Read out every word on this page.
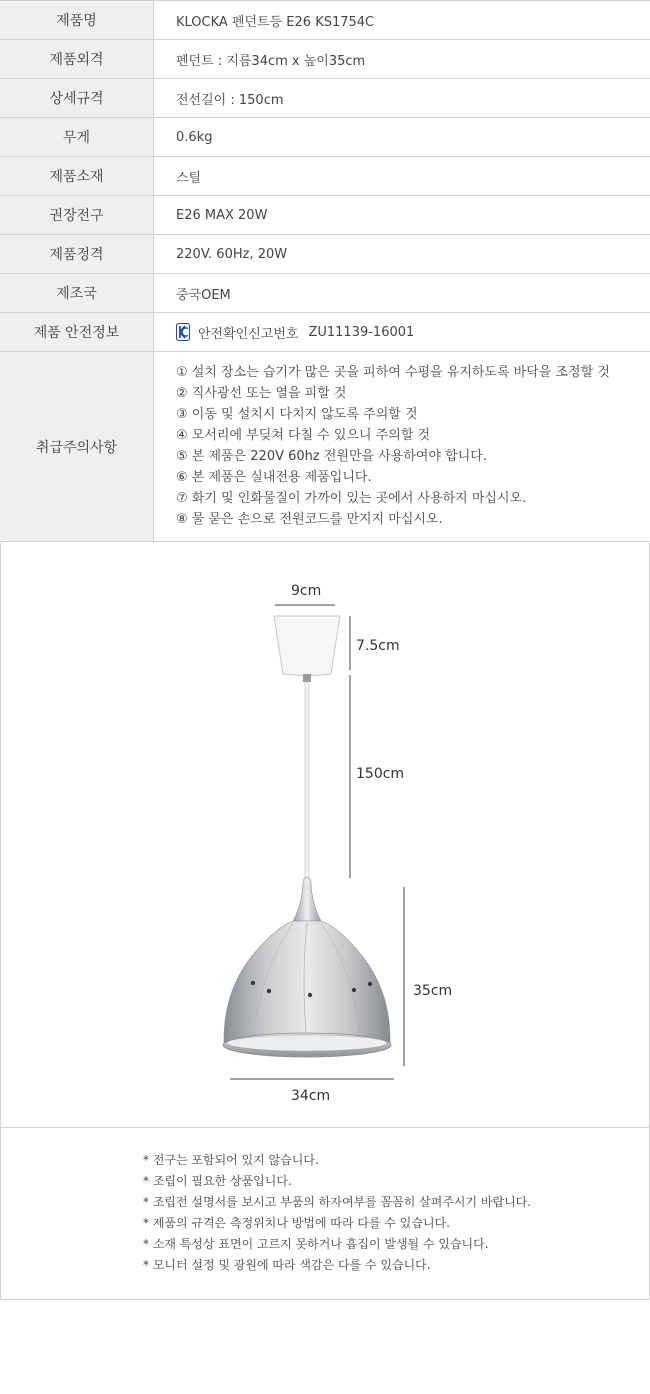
제품명	KLOCKA 펜던트등 E26 KS1754C
제품외격	펜던트 : 지름34cm x 높이35cm
상세규격	전선길이 : 150cm
무게	0.6kg
제품소재	스틸
권장전구	E26 MAX 20W
제품정격	220V. 60Hz, 20W
제조국	중국OEM
제품 안전정보	안전확인신고번호 ZU11139-16001
취급주의사항
① 설치 장소는 습기가 많은 곳을 피하여 수평을 유지하도록 바닥을 조정할 것
② 직사광선 또는 열을 피할 것
③ 이동 및 설치시 다치지 않도록 주의할 것
④ 모서리에 부딪쳐 다칠 수 있으니 주의할 것
⑤ 본 제품은 220V 60hz 전원만을 사용하여야 합니다.
⑥ 본 제품은 실내전용 제품입니다.
⑦ 화기 및 인화물질이 가까이 있는 곳에서 사용하지 마십시오.
⑧ 물 묻은 손으로 전원코드를 만지지 마십시오.
9cm
7.5cm
150cm
35cm
34cm
* 전구는 포함되어 있지 않습니다.
* 조립이 필요한 상품입니다.
* 조립전 설명서를 보시고 부품의 하자여부를 꼼꼼히 살펴주시기 바랍니다.
* 제품의 규격은 측정위치나 방법에 따라 다를 수 있습니다.
* 소재 특성상 표면이 고르지 못하거나 흡집이 발생될 수 있습니다.
* 모니터 설정 및 광원에 따라 색감은 다를 수 있습니다.
